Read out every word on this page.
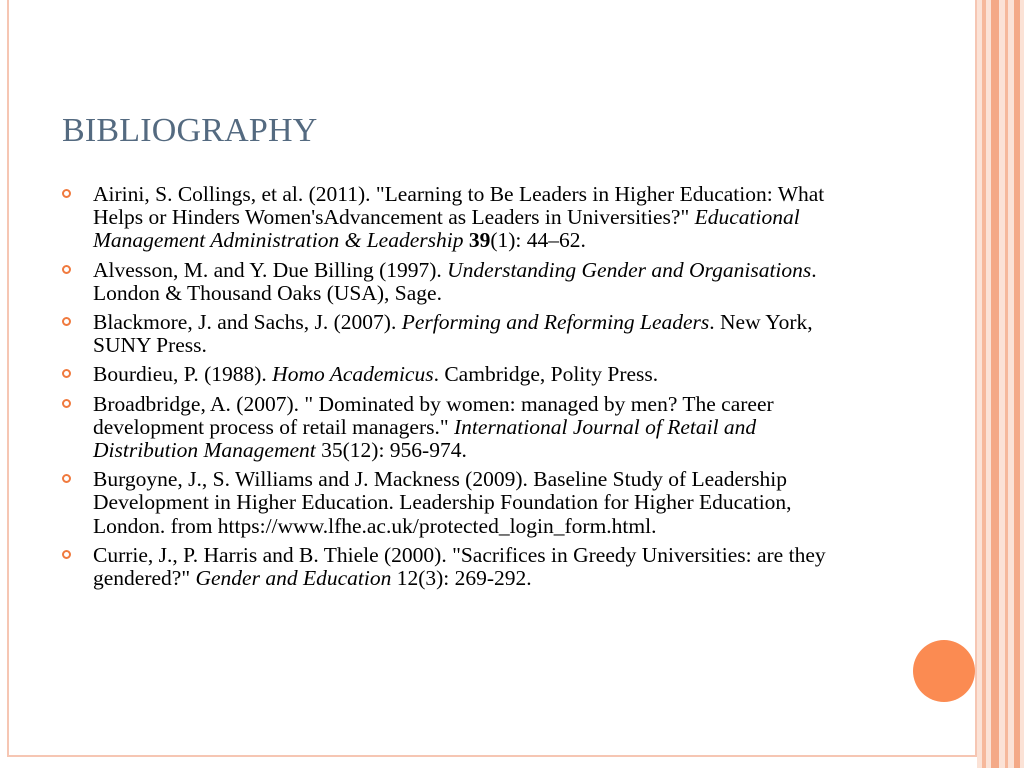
BIBLIOGRAPHY
Airini, S. Collings, et al. (2011). "Learning to Be Leaders in Higher Education: What Helps or Hinders Women'sAdvancement as Leaders in Universities?" Educational Management Administration & Leadership 39(1): 44–62.
Alvesson, M. and Y. Due Billing (1997). Understanding Gender and Organisations. London & Thousand Oaks (USA), Sage.
Blackmore, J. and Sachs, J. (2007). Performing and Reforming Leaders. New York, SUNY Press.
Bourdieu, P. (1988). Homo Academicus. Cambridge, Polity Press.
Broadbridge, A. (2007). " Dominated by women: managed by men? The career development process of retail managers." International Journal of Retail and Distribution Management 35(12): 956-974.
Burgoyne, J., S. Williams and J. Mackness (2009). Baseline Study of Leadership Development in Higher Education. Leadership Foundation for Higher Education, London. from https://www.lfhe.ac.uk/protected_login_form.html.
Currie, J., P. Harris and B. Thiele (2000). "Sacrifices in Greedy Universities: are they gendered?" Gender and Education 12(3): 269-292.
